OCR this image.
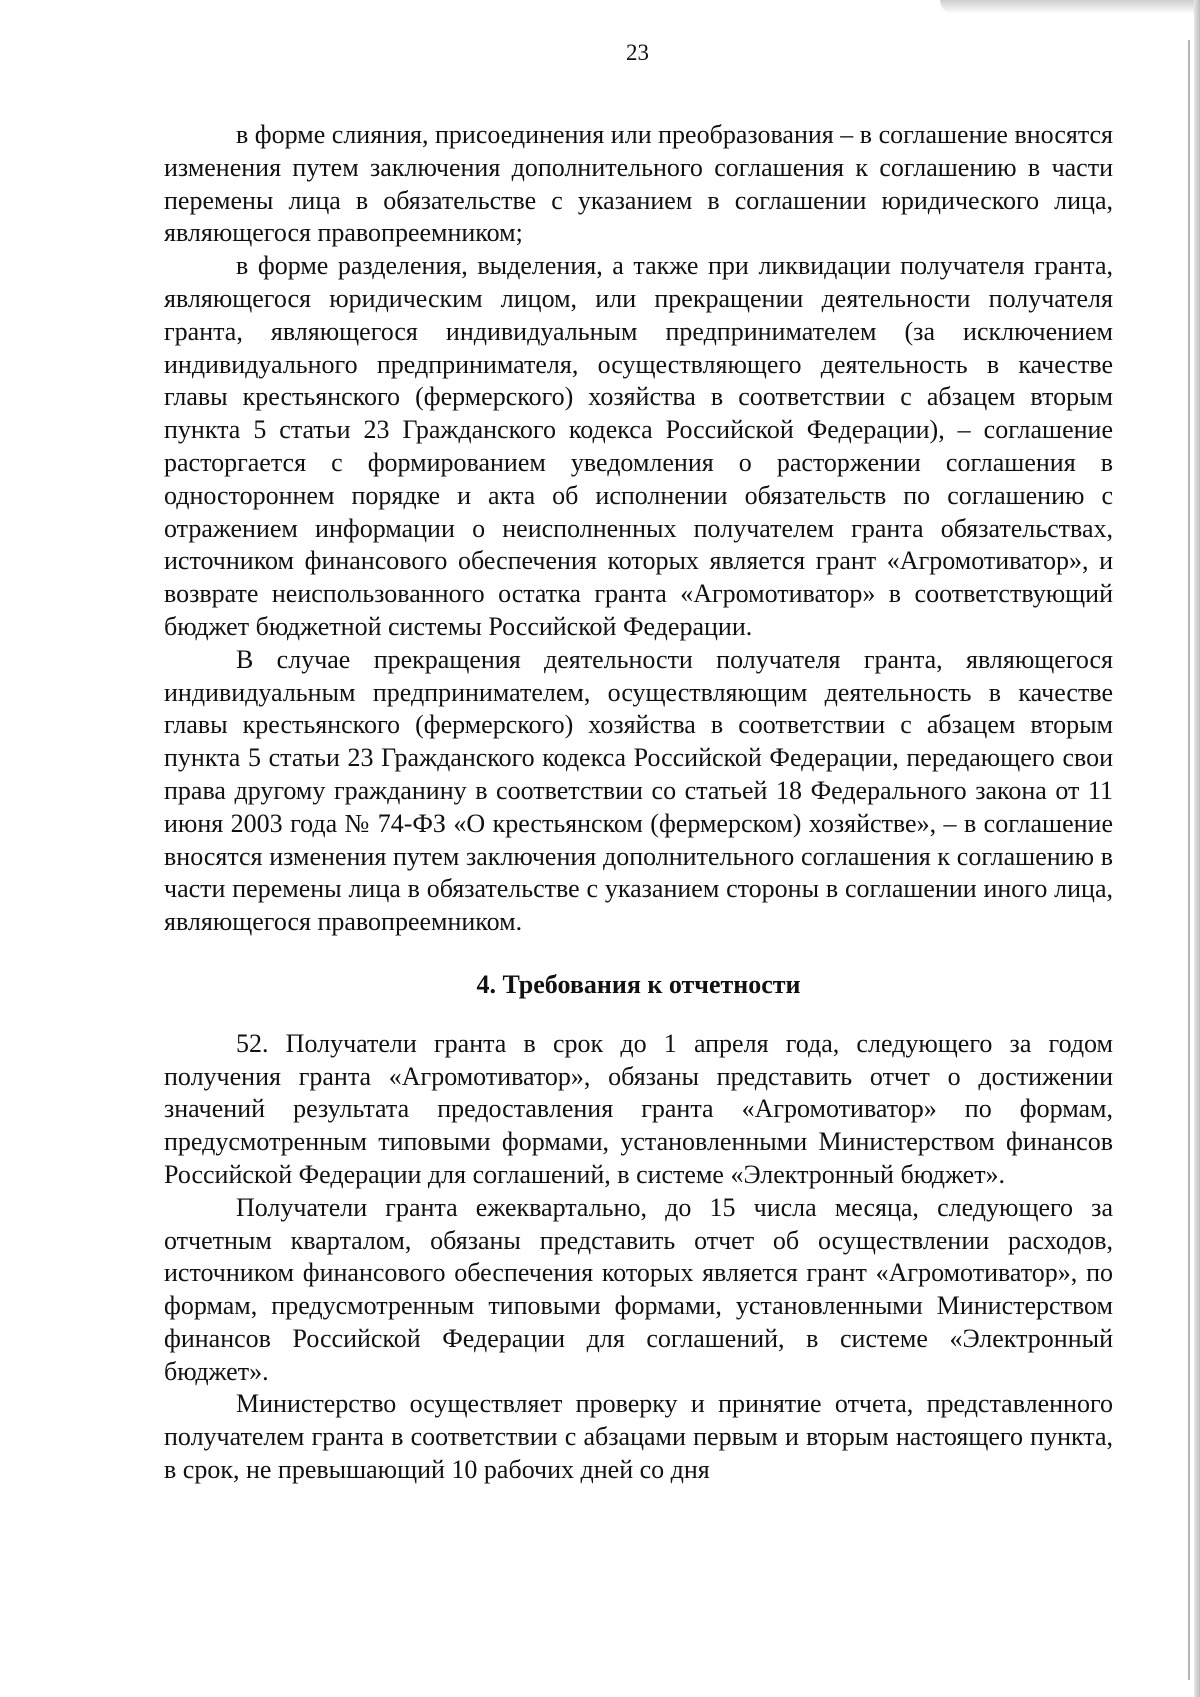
23

в форме слияния, присоединения или преобразования – в соглашение вносятся изменения путем заключения дополнительного соглашения к соглашению в части перемены лица в обязательстве с указанием в соглашении юридического лица, являющегося правопреемником;

в форме разделения, выделения, а также при ликвидации получателя гранта, являющегося юридическим лицом, или прекращении деятельности получателя гранта, являющегося индивидуальным предпринимателем (за исключением индивидуального предпринимателя, осуществляющего деятельность в качестве главы крестьянского (фермерского) хозяйства в соответствии с абзацем вторым пункта 5 статьи 23 Гражданского кодекса Российской Федерации), – соглашение расторгается с формированием уведомления о расторжении соглашения в одностороннем порядке и акта об исполнении обязательств по соглашению с отражением информации о неисполненных получателем гранта обязательствах, источником финансового обеспечения которых является грант «Агромотиватор», и возврате неиспользованного остатка гранта «Агромотиватор» в соответствующий бюджет бюджетной системы Российской Федерации.

В случае прекращения деятельности получателя гранта, являющегося индивидуальным предпринимателем, осуществляющим деятельность в качестве главы крестьянского (фермерского) хозяйства в соответствии с абзацем вторым пункта 5 статьи 23 Гражданского кодекса Российской Федерации, передающего свои права другому гражданину в соответствии со статьей 18 Федерального закона от 11 июня 2003 года № 74-ФЗ «О крестьянском (фермерском) хозяйстве», – в соглашение вносятся изменения путем заключения дополнительного соглашения к соглашению в части перемены лица в обязательстве с указанием стороны в соглашении иного лица, являющегося правопреемником.

4. Требования к отчетности

52. Получатели гранта в срок до 1 апреля года, следующего за годом получения гранта «Агромотиватор», обязаны представить отчет о достижении значений результата предоставления гранта «Агромотиватор» по формам, предусмотренным типовыми формами, установленными Министерством финансов Российской Федерации для соглашений, в системе «Электронный бюджет».

Получатели гранта ежеквартально, до 15 числа месяца, следующего за отчетным кварталом, обязаны представить отчет об осуществлении расходов, источником финансового обеспечения которых является грант «Агромотиватор», по формам, предусмотренным типовыми формами, установленными Министерством финансов Российской Федерации для соглашений, в системе «Электронный бюджет».

Министерство осуществляет проверку и принятие отчета, представленного получателем гранта в соответствии с абзацами первым и вторым настоящего пункта, в срок, не превышающий 10 рабочих дней со дня
